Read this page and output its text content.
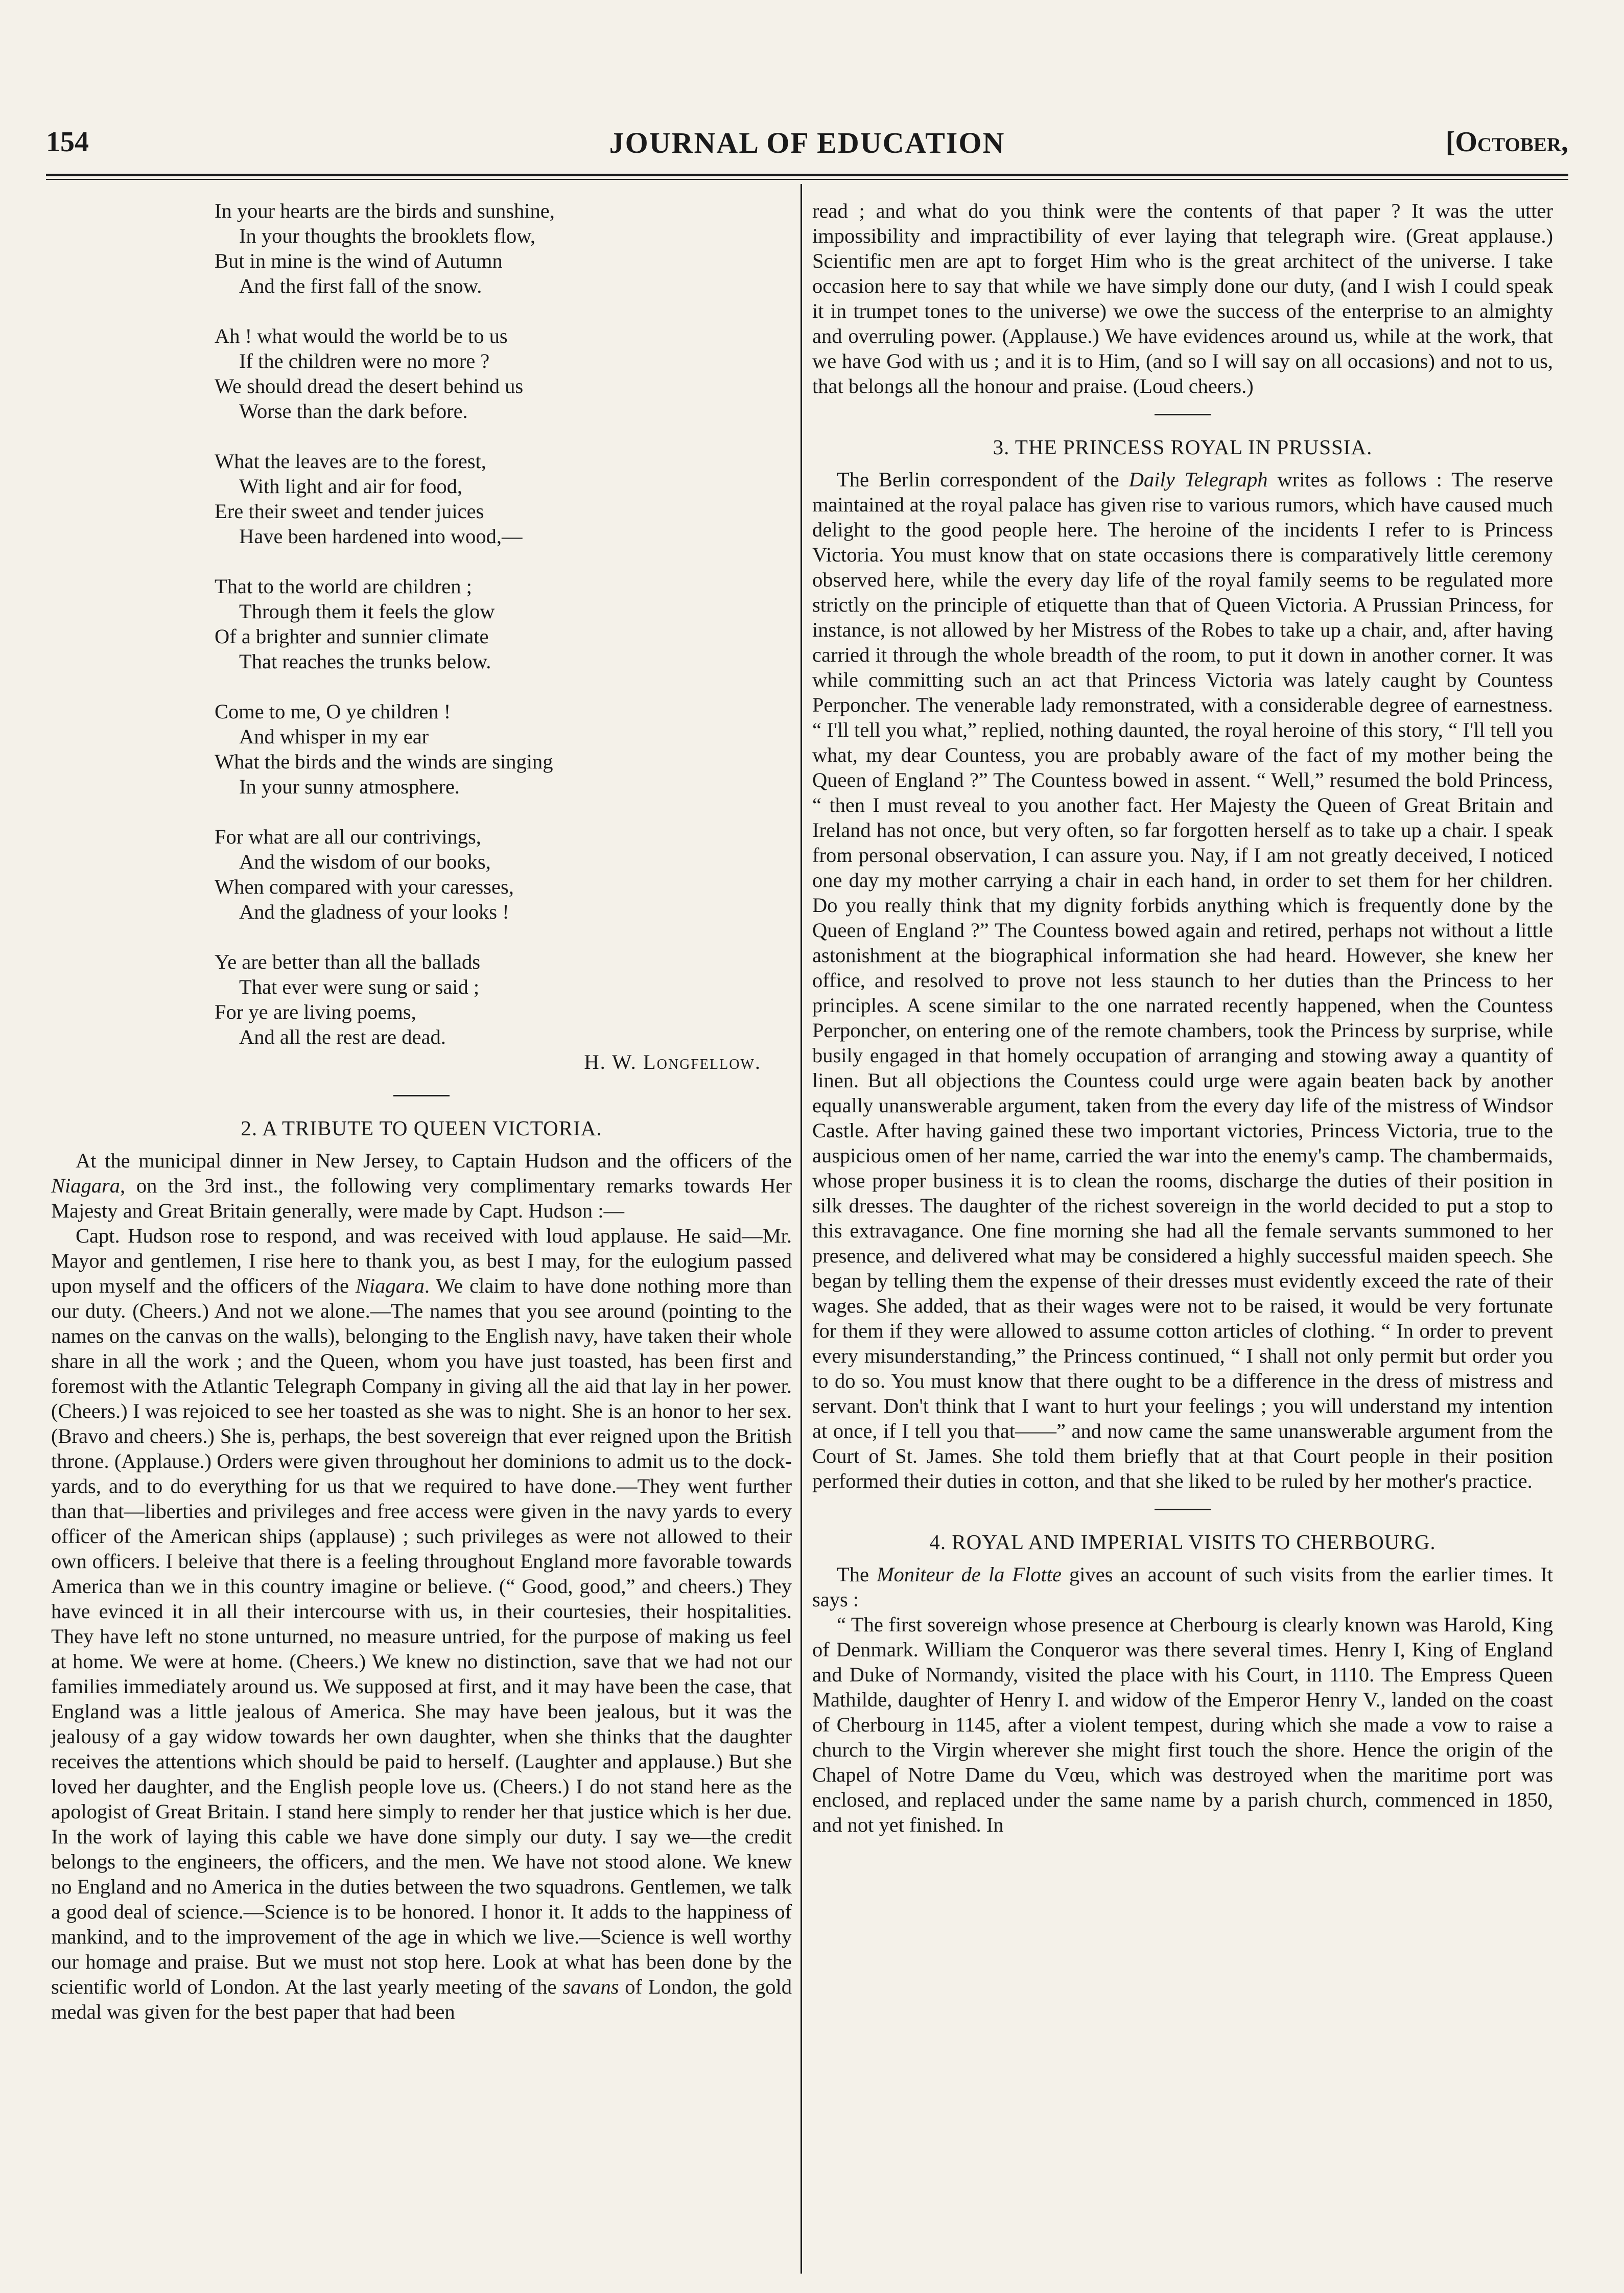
154	JOURNAL OF EDUCATION	[October,
In your hearts are the birds and sunshine,
In your thoughts the brooklets flow,
But in mine is the wind of Autumn
And the first fall of the snow.
Ah ! what would the world be to us
If the children were no more ?
We should dread the desert behind us
Worse than the dark before.
What the leaves are to the forest,
With light and air for food,
Ere their sweet and tender juices
Have been hardened into wood,—
That to the world are children ;
Through them it feels the glow
Of a brighter and sunnier climate
That reaches the trunks below.
Come to me, O ye children !
And whisper in my ear
What the birds and the winds are singing
In your sunny atmosphere.
For what are all our contrivings,
And the wisdom of our books,
When compared with your caresses,
And the gladness of your looks !
Ye are better than all the ballads
That ever were sung or said ;
For ye are living poems,
And all the rest are dead.
H. W. Longfellow.
2. A TRIBUTE TO QUEEN VICTORIA.

At the municipal dinner in New Jersey, to Captain Hudson and the officers of the Niagara, on the 3rd inst., the following very complimentary remarks towards Her Majesty and Great Britain generally, were made by Capt. Hudson :—

Capt. Hudson rose to respond, and was received with loud applause. He said—Mr. Mayor and gentlemen, I rise here to thank you, as best I may, for the eulogium passed upon myself and the officers of the Niagara. We claim to have done nothing more than our duty. (Cheers.) And not we alone.—The names that you see around (pointing to the names on the canvas on the walls), belonging to the English navy, have taken their whole share in all the work ; and the Queen, whom you have just toasted, has been first and foremost with the Atlantic Telegraph Company in giving all the aid that lay in her power. (Cheers.) I was rejoiced to see her toasted as she was to night. She is an honor to her sex. (Bravo and cheers.) She is, perhaps, the best sovereign that ever reigned upon the British throne. (Applause.) Orders were given throughout her dominions to admit us to the dock-yards, and to do everything for us that we required to have done.—They went further than that—liberties and privileges and free access were given in the navy yards to every officer of the American ships (applause) ; such privileges as were not allowed to their own officers. I beleive that there is a feeling throughout England more favorable towards America than we in this country imagine or believe. (“ Good, good,” and cheers.) They have evinced it in all their intercourse with us, in their courtesies, their hospitalities. They have left no stone unturned, no measure untried, for the purpose of making us feel at home. We were at home. (Cheers.) We knew no distinction, save that we had not our families immediately around us. We supposed at first, and it may have been the case, that England was a little jealous of America. She may have been jealous, but it was the jealousy of a gay widow towards her own daughter, when she thinks that the daughter receives the attentions which should be paid to herself. (Laughter and applause.) But she loved her daughter, and the English people love us. (Cheers.) I do not stand here as the apologist of Great Britain. I stand here simply to render her that justice which is her due. In the work of laying this cable we have done simply our duty. I say we—the credit belongs to the engineers, the officers, and the men. We have not stood alone. We knew no England and no America in the duties between the two squadrons. Gentlemen, we talk a good deal of science.—Science is to be honored. I honor it. It adds to the happiness of mankind, and to the improvement of the age in which we live.—Science is well worthy our homage and praise. But we must not stop here. Look at what has been done by the scientific world of London. At the last yearly meeting of the savans of London, the gold medal was given for the best paper that had been

read ; and what do you think were the contents of that paper ? It was the utter impossibility and impractibility of ever laying that telegraph wire. (Great applause.) Scientific men are apt to forget Him who is the great architect of the universe. I take occasion here to say that while we have simply done our duty, (and I wish I could speak it in trumpet tones to the universe) we owe the success of the enterprise to an almighty and overruling power. (Applause.) We have evidences around us, while at the work, that we have God with us ; and it is to Him, (and so I will say on all occasions) and not to us, that belongs all the honour and praise. (Loud cheers.)

3. THE PRINCESS ROYAL IN PRUSSIA.

The Berlin correspondent of the Daily Telegraph writes as follows : The reserve maintained at the royal palace has given rise to various rumors, which have caused much delight to the good people here. The heroine of the incidents I refer to is Princess Victoria. You must know that on state occasions there is comparatively little ceremony observed here, while the every day life of the royal family seems to be regulated more strictly on the principle of etiquette than that of Queen Victoria. A Prussian Princess, for instance, is not allowed by her Mistress of the Robes to take up a chair, and, after having carried it through the whole breadth of the room, to put it down in another corner. It was while committing such an act that Princess Victoria was lately caught by Countess Perponcher. The venerable lady remonstrated, with a considerable degree of earnestness. “ I'll tell you what,” replied, nothing daunted, the royal heroine of this story, “ I'll tell you what, my dear Countess, you are probably aware of the fact of my mother being the Queen of England ?” The Countess bowed in assent. “ Well,” resumed the bold Princess, “ then I must reveal to you another fact. Her Majesty the Queen of Great Britain and Ireland has not once, but very often, so far forgotten herself as to take up a chair. I speak from personal observation, I can assure you. Nay, if I am not greatly deceived, I noticed one day my mother carrying a chair in each hand, in order to set them for her children. Do you really think that my dignity forbids anything which is frequently done by the Queen of England ?” The Countess bowed again and retired, perhaps not without a little astonishment at the biographical information she had heard. However, she knew her office, and resolved to prove not less staunch to her duties than the Princess to her principles. A scene similar to the one narrated recently happened, when the Countess Perponcher, on entering one of the remote chambers, took the Princess by surprise, while busily engaged in that homely occupation of arranging and stowing away a quantity of linen. But all objections the Countess could urge were again beaten back by another equally unanswerable argument, taken from the every day life of the mistress of Windsor Castle. After having gained these two important victories, Princess Victoria, true to the auspicious omen of her name, carried the war into the enemy's camp. The chambermaids, whose proper business it is to clean the rooms, discharge the duties of their position in silk dresses. The daughter of the richest sovereign in the world decided to put a stop to this extravagance. One fine morning she had all the female servants summoned to her presence, and delivered what may be considered a highly successful maiden speech. She began by telling them the expense of their dresses must evidently exceed the rate of their wages. She added, that as their wages were not to be raised, it would be very fortunate for them if they were allowed to assume cotton articles of clothing. “ In order to prevent every misunderstanding,” the Princess continued, “ I shall not only permit but order you to do so. You must know that there ought to be a difference in the dress of mistress and servant. Don't think that I want to hurt your feelings ; you will understand my intention at once, if I tell you that——” and now came the same unanswerable argument from the Court of St. James. She told them briefly that at that Court people in their position performed their duties in cotton, and that she liked to be ruled by her mother's practice.

4. ROYAL AND IMPERIAL VISITS TO CHERBOURG.

The Moniteur de la Flotte gives an account of such visits from the earlier times. It says :

“ The first sovereign whose presence at Cherbourg is clearly known was Harold, King of Denmark. William the Conqueror was there several times. Henry I, King of England and Duke of Normandy, visited the place with his Court, in 1110. The Empress Queen Mathilde, daughter of Henry I. and widow of the Emperor Henry V., landed on the coast of Cherbourg in 1145, after a violent tempest, during which she made a vow to raise a church to the Virgin wherever she might first touch the shore. Hence the origin of the Chapel of Notre Dame du Vœu, which was destroyed when the maritime port was enclosed, and replaced under the same name by a parish church, commenced in 1850, and not yet finished. In
